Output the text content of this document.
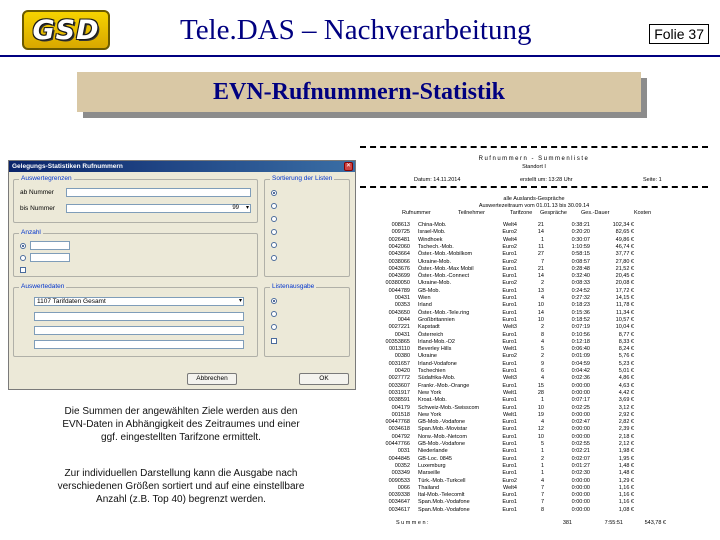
GSD	Tele.DAS – Nachverarbeitung	Folie 37
EVN-Rufnummern-Statistik
Gelegungs-Statistiken Rufnummern	✕
Auswertegrenzen
ab Nummer
bis Nummer	99 ▾
Anzahl
Auswertedaten
1107 Tarifdaten Gesamt	▾
Sortierung der Listen
Listenausgabe
Abbrechen	OK
Die Summen der angewählten Ziele werden aus den EVN-Daten in Abhängigkeit des Zeitraumes und einer ggf. eingestellten Tarifzone ermittelt.
Zur individuellen Darstellung kann die Ausgabe nach verschiedenen Größen sortiert und auf eine einstellbare Anzahl (z.B. Top 40) begrenzt werden.
Rufnummern - Summenliste
Standort I
Datum: 14.11.2014	erstellt um: 13:28 Uhr	Seite: 1
alle Auslands-Gespräche
Auswertezeitraum vom 01.01.13 bis 30.09.14
Rufnummer	Teilnehmer	Tarifzone Gespräche	Ges.-Dauer	Kosten
008613 China-Mob.	Welt4	21	0:38:21	102,34 €
009725 Israel-Mob.	Euro2	14	0:20:20	82,65 €
0026481 Windhoek	Welt4	1	0:30:07	49,86 €
0042060 Tschech.-Mob.	Euro2	11	1:10:59	46,74 €
0043664 Öster.-Mob.-Mobilkom	Euro1	27	0:58:15	37,77 €
0038066 Ukraine-Mob.	Euro2	7	0:08:57	27,80 €
0043676 Öster.-Mob.-Max Mobil	Euro1	21	0:28:48	21,52 €
0043699 Öster.-Mob.-Connect	Euro1	14	0:32:40	20,45 €
00380050 Ukraine-Mob.	Euro2	2	0:08:33	20,08 €
0044789 GB-Mob.	Euro1	13	0:24:52	17,72 €
00431 Wien	Euro1	4	0:27:32	14,15 €
00353 Irland	Euro1	10	0:18:23	11,78 €
0043650 Öster.-Mob.-Tele.ring	Euro1	14	0:15:36	11,34 €
0044 Großbritannien	Euro1	10	0:18:52	10,57 €
0027221 Kapstadt	Welt3	2	0:07:19	10,04 €
00431 Österreich	Euro1	8	0:10:56	8,77 €
00353865 Irland-Mob.-O2	Euro1	4	0:12:18	8,33 €
0013110 Beverley Hills	Welt1	5	0:06:40	8,24 €
00380 Ukraine	Euro2	2	0:01:09	5,76 €
0031657 Irland-Vodafone	Euro1	9	0:04:59	5,23 €
00420 Tschechien	Euro1	6	0:04:42	5,01 €
0027772 Südafrika-Mob.	Welt3	4	0:02:36	4,86 €
0033607 Frankr.-Mob.-Orange	Euro1	15	0:00:00	4,63 €
0031917 New York	Welt1	28	0:00:00	4,42 €
0038591 Kroat.-Mob.	Euro1	1	0:07:17	3,69 €
004179 Schweiz-Mob.-Swisscom	Euro1	10	0:02:25	3,12 €
001518 New York	Welt1	19	0:00:00	2,92 €
00447768 GB-Mob.-Vodafone	Euro1	4	0:02:47	2,82 €
0034618 Span.Mob.-Movistar	Euro1	12	0:00:00	2,39 €
004792 Norw.-Mob.-Netcom	Euro1	10	0:00:00	2,18 €
00447766 GB-Mob.-Vodafone	Euro1	5	0:02:55	2,12 €
0031 Niederlande	Euro1	1	0:02:21	1,98 €
0044845 GB-Loc. 0845	Euro1	2	0:02:07	1,95 €
00352 Luxemburg	Euro1	1	0:01:27	1,48 €
003349 Marseille	Euro1	1	0:02:30	1,48 €
0090533 Türk.-Mob.-Turkcell	Euro2	4	0:00:00	1,29 €
0066 Thailand	Welt4	7	0:00:00	1,16 €
0039338 Ital-Mob.-Telecomlt	Euro1	7	0:00:00	1,16 €
0034647 Span.Mob.-Vodafone	Euro1	7	0:00:00	1,16 €
0034617 Span.Mob.-Vodafone	Euro1	8	0:00:00	1,08 €
Summen:	381	7:55:51	543,78 €
